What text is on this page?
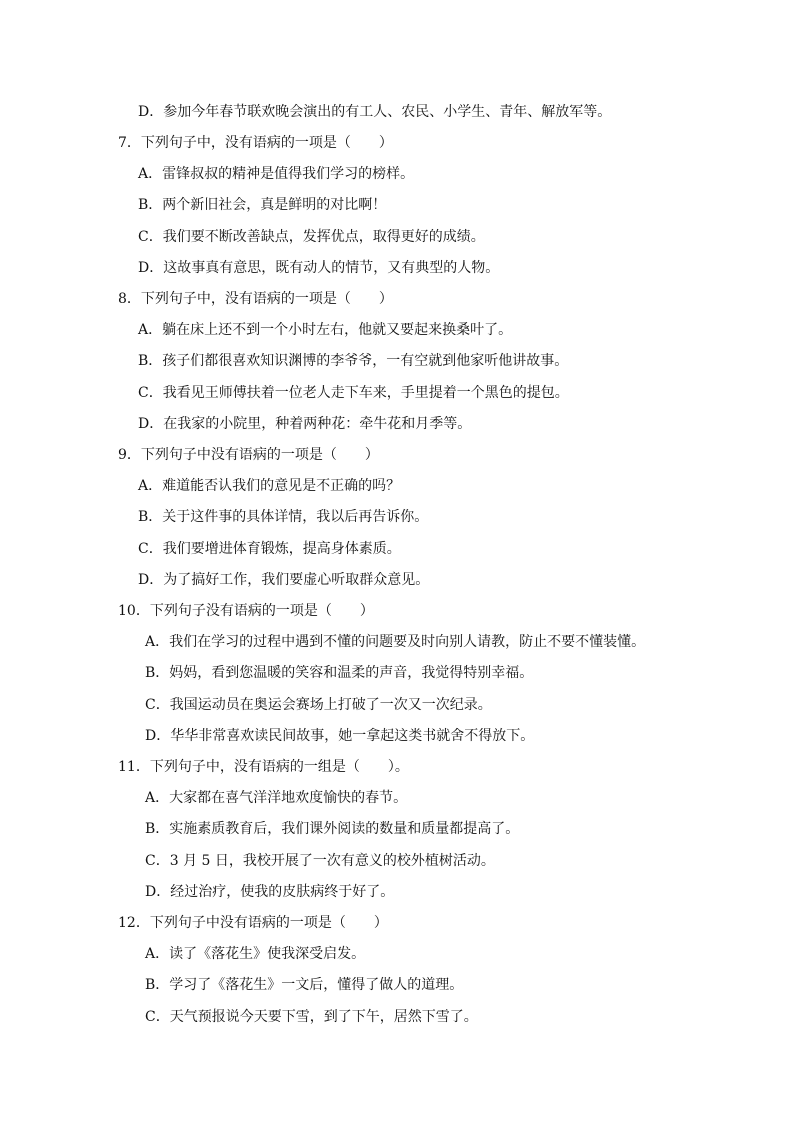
D．参加今年春节联欢晚会演出的有工人、农民、小学生、青年、解放军等。
7．下列句子中，没有语病的一项是（　　）
A．雷锋叔叔的精神是值得我们学习的榜样。
B．两个新旧社会，真是鲜明的对比啊！
C．我们要不断改善缺点，发挥优点，取得更好的成绩。
D．这故事真有意思，既有动人的情节，又有典型的人物。
8．下列句子中，没有语病的一项是（　　）
A．躺在床上还不到一个小时左右，他就又要起来换桑叶了。
B．孩子们都很喜欢知识渊博的李爷爷，一有空就到他家听他讲故事。
C．我看见王师傅扶着一位老人走下车来，手里提着一个黑色的提包。
D．在我家的小院里，种着两种花：牵牛花和月季等。
9．下列句子中没有语病的一项是（　　）
A．难道能否认我们的意见是不正确的吗？
B．关于这件事的具体详情，我以后再告诉你。
C．我们要增进体育锻炼，提高身体素质。
D．为了搞好工作，我们要虚心听取群众意见。
10．下列句子没有语病的一项是（　　）
A．我们在学习的过程中遇到不懂的问题要及时向别人请教，防止不要不懂装懂。
B．妈妈，看到您温暖的笑容和温柔的声音，我觉得特别幸福。
C．我国运动员在奥运会赛场上打破了一次又一次纪录。
D．华华非常喜欢读民间故事，她一拿起这类书就舍不得放下。
11．下列句子中，没有语病的一组是（　　）。
A．大家都在喜气洋洋地欢度愉快的春节。
B．实施素质教育后，我们课外阅读的数量和质量都提高了。
C．3 月 5 日，我校开展了一次有意义的校外植树活动。
D．经过治疗，使我的皮肤病终于好了。
12．下列句子中没有语病的一项是（　　）
A．读了《落花生》使我深受启发。
B．学习了《落花生》一文后，懂得了做人的道理。
C．天气预报说今天要下雪，到了下午，居然下雪了。
